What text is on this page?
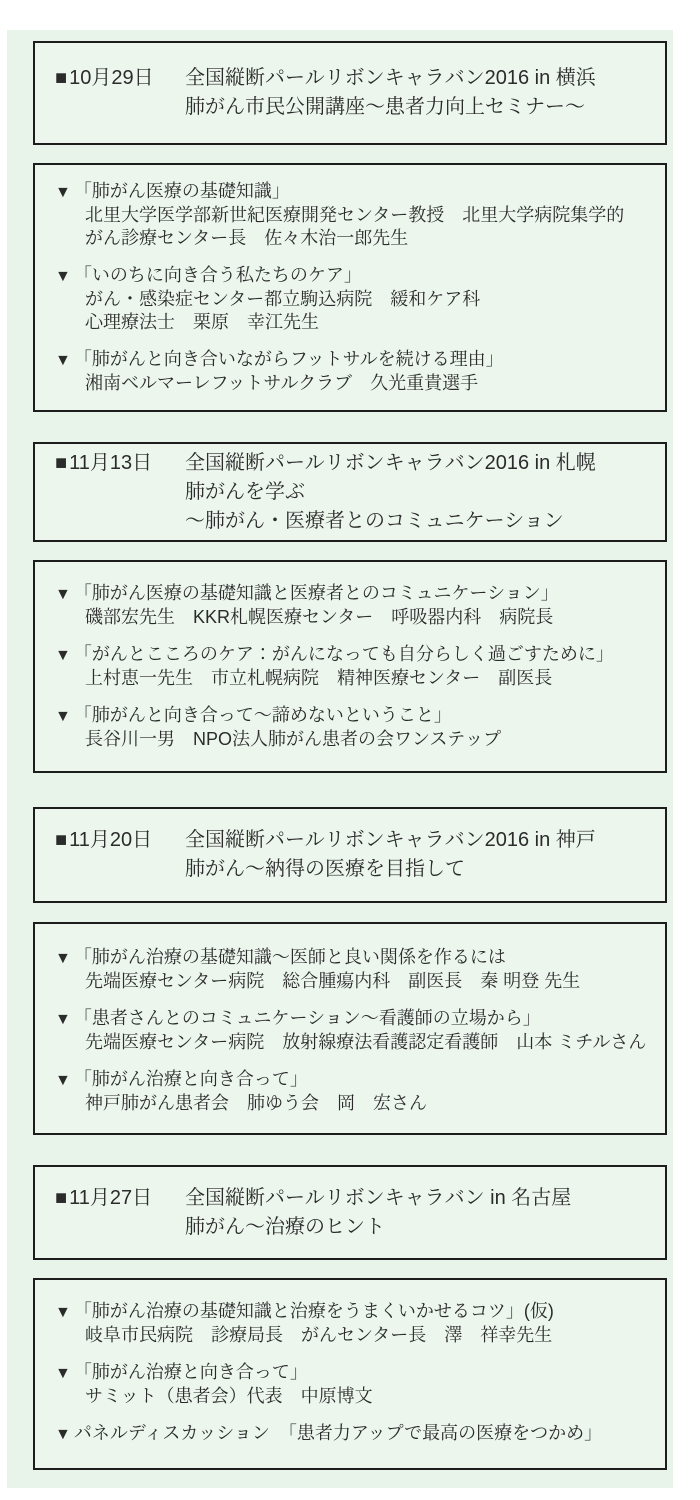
■ 10月29日	全国縦断パールリボンキャラバン2016 in 横浜
肺がん市民公開講座～患者力向上セミナー～
▼ 「肺がん医療の基礎知識」
北里大学医学部新世紀医療開発センター教授　北里大学病院集学的
がん診療センター長　佐々木治一郎先生
▼ 「いのちに向き合う私たちのケア」
がん・感染症センター都立駒込病院　緩和ケア科
心理療法士　栗原　幸江先生
▼ 「肺がんと向き合いながらフットサルを続ける理由」
湘南ベルマーレフットサルクラブ　久光重貴選手
■ 11月13日	全国縦断パールリボンキャラバン2016 in 札幌
肺がんを学ぶ
～肺がん・医療者とのコミュニケーション
▼ 「肺がん医療の基礎知識と医療者とのコミュニケーション」
磯部宏先生　KKR札幌医療センター　呼吸器内科　病院長
▼ 「がんとこころのケア：がんになっても自分らしく過ごすために」
上村恵一先生　市立札幌病院　精神医療センター　副医長
▼ 「肺がんと向き合って～諦めないということ」
長谷川一男　NPO法人肺がん患者の会ワンステップ
■ 11月20日	全国縦断パールリボンキャラバン2016 in 神戸
肺がん～納得の医療を目指して
▼ 「肺がん治療の基礎知識～医師と良い関係を作るには
先端医療センター病院　総合腫瘍内科　副医長　秦 明登 先生
▼ 「患者さんとのコミュニケーション～看護師の立場から」
先端医療センター病院　放射線療法看護認定看護師　山本 ミチルさん
▼ 「肺がん治療と向き合って」
神戸肺がん患者会　肺ゆう会　岡　宏さん
■ 11月27日	全国縦断パールリボンキャラバン in 名古屋
肺がん～治療のヒント
▼ 「肺がん治療の基礎知識と治療をうまくいかせるコツ」(仮)
岐阜市民病院　診療局長　がんセンター長　澤　祥幸先生
▼ 「肺がん治療と向き合って」
サミット（患者会）代表　中原博文
▼ パネルディスカッション　「患者力アップで最高の医療をつかめ」
